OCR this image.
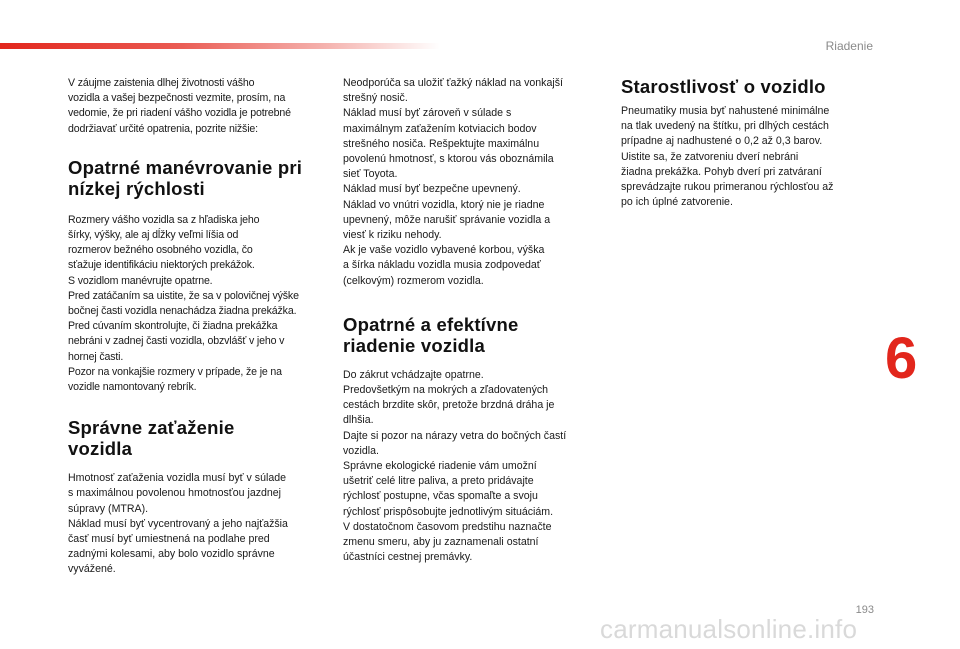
Riadenie
V záujme zaistenia dlhej životnosti vášho
vozidla a vašej bezpečnosti vezmite, prosím, na
vedomie, že pri riadení vášho vozidla je potrebné
dodržiavať určité opatrenia, pozrite nižšie:
Opatrné manévrovanie pri
nízkej rýchlosti
Rozmery vášho vozidla sa z hľadiska jeho
šírky, výšky, ale aj dĺžky veľmi líšia od
rozmerov bežného osobného vozidla, čo
sťažuje identifikáciu niektorých prekážok.
S vozidlom manévrujte opatrne.
Pred zatáčaním sa uistite, že sa v polovičnej výške
bočnej časti vozidla nenachádza žiadna prekážka.
Pred cúvaním skontrolujte, či žiadna prekážka
nebráni v zadnej časti vozidla, obzvlášť v jeho v
hornej časti.
Pozor na vonkajšie rozmery v prípade, že je na
vozidle namontovaný rebrík.
Správne zaťaženie
vozidla
Hmotnosť zaťaženia vozidla musí byť v súlade
s maximálnou povolenou hmotnosťou jazdnej
súpravy (MTRA).
Náklad musí byť vycentrovaný a jeho najťažšia
časť musí byť umiestnená na podlahe pred
zadnými kolesami, aby bolo vozidlo správne
vyvážené.
Neodporúča sa uložiť ťažký náklad na vonkajší
strešný nosič.
Náklad musí byť zároveň v súlade s
maximálnym zaťažením kotviacich bodov
strešného nosiča. Rešpektujte maximálnu
povolenú hmotnosť, s ktorou vás oboznámila
sieť Toyota.
Náklad musí byť bezpečne upevnený.
Náklad vo vnútri vozidla, ktorý nie je riadne
upevnený, môže narušiť správanie vozidla a
viesť k riziku nehody.
Ak je vaše vozidlo vybavené korbou, výška
a šírka nákladu vozidla musia zodpovedať
(celkovým) rozmerom vozidla.
Opatrné a efektívne
riadenie vozidla
Do zákrut vchádzajte opatrne.
Predovšetkým na mokrých a zľadovatených
cestách brzdite skôr, pretože brzdná dráha je
dlhšia.
Dajte si pozor na nárazy vetra do bočných častí
vozidla.
Správne ekologické riadenie vám umožní
ušetriť celé litre paliva, a preto pridávajte
rýchlosť postupne, včas spomaľte a svoju
rýchlosť prispôsobujte jednotlivým situáciám.
V dostatočnom časovom predstihu naznačte
zmenu smeru, aby ju zaznamenali ostatní
účastníci cestnej premávky.
Starostlivosť o vozidlo
Pneumatiky musia byť nahustené minimálne
na tlak uvedený na štítku, pri dlhých cestách
prípadne aj nadhustené o 0,2 až 0,3 barov.
Uistite sa, že zatvoreniu dverí nebráni
žiadna prekážka. Pohyb dverí pri zatváraní
sprevádzajte rukou primeranou rýchlosťou až
po ich úplné zatvorenie.
6
193
carmanualsonline.info
